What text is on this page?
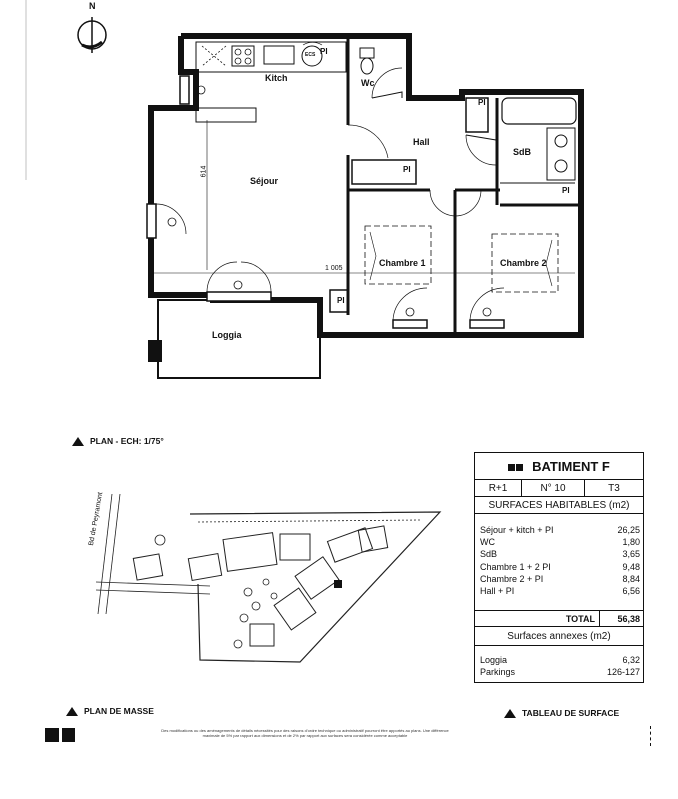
N
Kitch	Wc
Séjour
Hall
SdB
Chambre 1	Chambre 2
Loggia
PI
ECS
PI
PI
PI
PI
614
1 005
PLAN - ECH: 1/75°
Bd de Peyramont
PLAN DE MASSE
BATIMENT F
R+1	N° 10	T3
SURFACES HABITABLES (m2)
Séjour + kitch + PI	26,25
WC	1,80
SdB	3,65
Chambre 1 + 2 PI	9,48
Chambre 2 + PI	8,84
Hall + PI	6,56
TOTAL	56,38
Surfaces annexes (m2)
Loggia	6,32
Parkings	126-127
TABLEAU DE SURFACE
Des modifications ou des aménagements de détails nécessités pour des raisons d'ordre technique ou administratif pourront être apportés au plans. Une différence maximale de 5% par rapport aux dimensions et de 2% par rapport aux surfaces sera considérée comme acceptable
